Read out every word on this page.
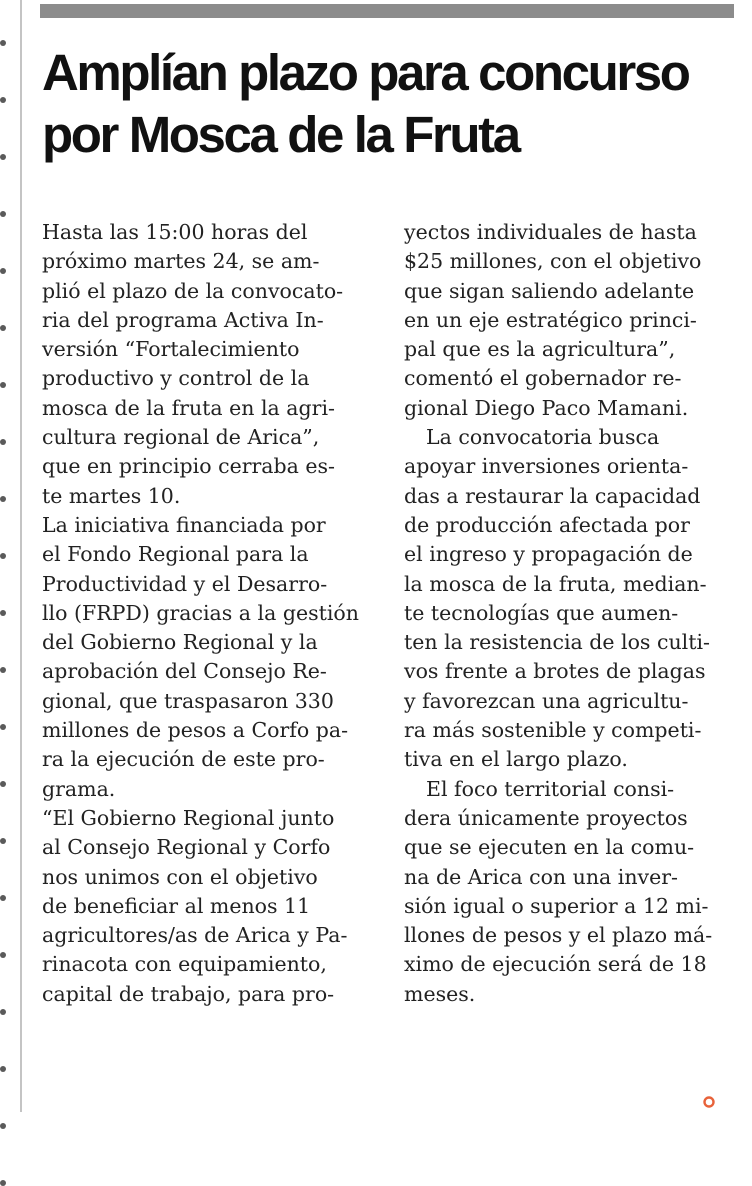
Amplían plazo para concurso
por Mosca de la Fruta
Hasta las 15:00 horas del
próximo martes 24, se am-
plió el plazo de la convocato-
ria del programa Activa In-
versión “Fortalecimiento
productivo y control de la
mosca de la fruta en la agri-
cultura regional de Arica”,
que en principio cerraba es-
te martes 10.
La iniciativa financiada por
el Fondo Regional para la
Productividad y el Desarro-
llo (FRPD) gracias a la gestión
del Gobierno Regional y la
aprobación del Consejo Re-
gional, que traspasaron 330
millones de pesos a Corfo pa-
ra la ejecución de este pro-
grama.
“El Gobierno Regional junto
al Consejo Regional y Corfo
nos unimos con el objetivo
de beneficiar al menos 11
agricultores/as de Arica y Pa-
rinacota con equipamiento,
capital de trabajo, para pro-
yectos individuales de hasta
$25 millones, con el objetivo
que sigan saliendo adelante
en un eje estratégico princi-
pal que es la agricultura”,
comentó el gobernador re-
gional Diego Paco Mamani.
La convocatoria busca
apoyar inversiones orienta-
das a restaurar la capacidad
de producción afectada por
el ingreso y propagación de
la mosca de la fruta, median-
te tecnologías que aumen-
ten la resistencia de los culti-
vos frente a brotes de plagas
y favorezcan una agricultu-
ra más sostenible y competi-
tiva en el largo plazo.
El foco territorial consi-
dera únicamente proyectos
que se ejecuten en la comu-
na de Arica con una inver-
sión igual o superior a 12 mi-
llones de pesos y el plazo má-
ximo de ejecución será de 18
meses.
